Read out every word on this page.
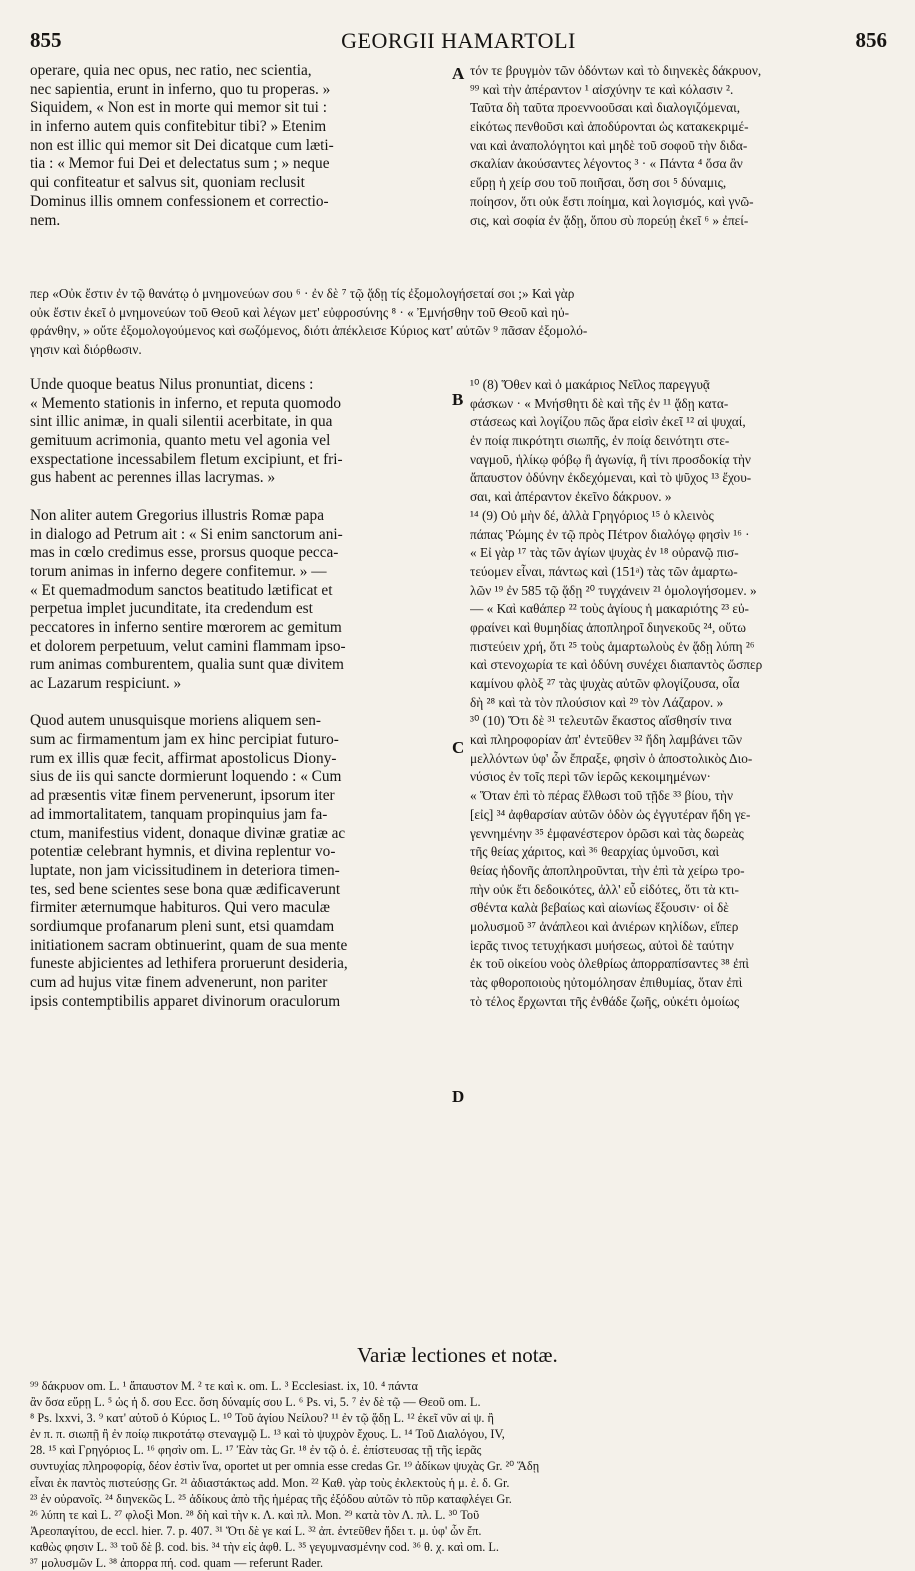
855	GEORGII HAMARTOLI	856
operare, quia nec opus, nec ratio, nec scientia,
nec sapientia, erunt in inferno, quo tu properas. »
Siquidem, « Non est in morte qui memor sit tui :
in inferno autem quis confitebitur tibi? » Etenim
non est illic qui memor sit Dei dicatque cum læti-
tia : « Memor fui Dei et delectatus sum ; » neque
qui confiteatur et salvus sit, quoniam reclusit
Dominus illis omnem confessionem et correctio-
nem.
τόν τε βρυγμὸν τῶν ὀδόντων καὶ τὸ διηνεκὲς δάκρυον,
⁹⁹ καὶ τὴν ἀπέραντον ¹ αἰσχύνην τε καὶ κόλασιν ².
Ταῦτα δὴ ταῦτα προεννοοῦσαι καὶ διαλογιζόμεναι,
εἰκότως πενθοῦσι καὶ ἀποδύρονται ὡς κατακεκριμέ-
ναι καὶ ἀναπολόγητοι καὶ μηδὲ τοῦ σοφοῦ τὴν διδα-
σκαλίαν ἀκούσαντες λέγοντος ³ · « Πάντα ⁴ ὅσα ἂν
εὕρῃ ἡ χείρ σου τοῦ ποιῆσαι, ὅση σοι ⁵ δύναμις,
ποίησον, ὅτι οὐκ ἔστι ποίημα, καὶ λογισμός, καὶ γνῶ-
σις, καὶ σοφία ἐν ᾅδῃ, ὅπου σὺ πορεύῃ ἐκεῖ ⁶ » ἐπεί-
περ «Οὐκ ἔστιν ἐν τῷ θανάτῳ ὁ μνημονεύων σου ⁶ · ἐν δὲ ⁷ τῷ ᾅδῃ τίς ἐξομολογήσεταί σοι ;» Καὶ γὰρ
οὐκ ἔστιν ἐκεῖ ὁ μνημονεύων τοῦ Θεοῦ καὶ λέγων μετ' εὐφροσύνης ⁸ · « Ἐμνήσθην τοῦ Θεοῦ καὶ ηὐ-
φράνθην, » οὔτε ἐξομολογούμενος καὶ σωζόμενος, διότι ἀπέκλεισε Κύριος κατ' αὐτῶν ⁹ πᾶσαν ἐξομολό-
γησιν καὶ διόρθωσιν.
Unde quoque beatus Nilus pronuntiat, dicens :
« Memento stationis in inferno, et reputa quomodo
sint illic animæ, in quali silentii acerbitate, in qua
gemituum acrimonia, quanto metu vel agonia vel
exspectatione incessabilem fletum excipiunt, et fri-
gus habent ac perennes illas lacrymas. »
Non aliter autem Gregorius illustris Romæ papa
in dialogo ad Petrum ait : « Si enim sanctorum ani-
mas in cœlo credimus esse, prorsus quoque pecca-
torum animas in inferno degere confitemur. » —
« Et quemadmodum sanctos beatitudo lætificat et
perpetua implet jucunditate, ita credendum est
peccatores in inferno sentire mœrorem ac gemitum
et dolorem perpetuum, velut camini flammam ipso-
rum animas comburentem, qualia sunt quæ divitem
ac Lazarum respiciunt. »
Quod autem unusquisque moriens aliquem sen-
sum ac firmamentum jam ex hinc percipiat futuro-
rum ex illis quæ fecit, affirmat apostolicus Diony-
sius de iis qui sancte dormierunt loquendo : « Cum
ad præsentis vitæ finem pervenerunt, ipsorum iter
ad immortalitatem, tanquam propinquius jam fa-
ctum, manifestius vident, donaque divinæ gratiæ ac
potentiæ celebrant hymnis, et divina replentur vo-
luptate, non jam vicissitudinem in deteriora timen-
tes, sed bene scientes sese bona quæ ædificaverunt
firmiter æternumque habituros. Qui vero maculæ
sordiumque profanarum pleni sunt, etsi quamdam
initiationem sacram obtinuerint, quam de sua mente
funeste abjicientes ad lethifera proruerunt desideria,
cum ad hujus vitæ finem advenerunt, non pariter
ipsis contemptibilis apparet divinorum oraculorum
¹⁰ (8) Ὅθεν καὶ ὁ μακάριος Νεῖλος παρεγγυᾷ
φάσκων · « Μνήσθητι δὲ καὶ τῆς ἐν ¹¹ ᾅδῃ κατα-
στάσεως καὶ λογίζου πῶς ἄρα εἰσὶν ἐκεῖ ¹² αἱ ψυχαί,
ἐν ποίᾳ πικρότητι σιωπῆς, ἐν ποίᾳ δεινότητι στε-
ναγμοῦ, ἡλίκῳ φόβῳ ἢ ἀγωνίᾳ, ἢ τίνι προσδοκίᾳ τὴν
ἄπαυστον ὀδύνην ἐκδεχόμεναι, καὶ τὸ ψῦχος ¹³ ἔχου-
σαι, καὶ ἀπέραντον ἐκεῖνο δάκρυον. »
¹⁴ (9) Οὐ μὴν δέ, ἀλλὰ Γρηγόριος ¹⁵ ὁ κλεινὸς
πάπας Ῥώμης ἐν τῷ πρὸς Πέτρον διαλόγῳ φησὶν ¹⁶ ·
« Εἰ γὰρ ¹⁷ τὰς τῶν ἁγίων ψυχὰς ἐν ¹⁸ οὐρανῷ πισ-
τεύομεν εἶναι, πάντως καὶ (151ᵃ) τὰς τῶν ἁμαρτω-
λῶν ¹⁹ ἐν 585 τῷ ᾅδῃ ²⁰ τυγχάνειν ²¹ ὁμολογήσομεν. »
— « Καὶ καθάπερ ²² τοὺς ἁγίους ἡ μακαριότης ²³ εὐ-
φραίνει καὶ θυμηδίας ἀποπληροῖ διηνεκοῦς ²⁴, οὕτω
πιστεύειν χρή, ὅτι ²⁵ τοὺς ἁμαρτωλοὺς ἐν ᾅδῃ λύπη ²⁶
καὶ στενοχωρία τε καὶ ὀδύνη συνέχει διαπαντὸς ὥσπερ
καμίνου φλὸξ ²⁷ τὰς ψυχὰς αὐτῶν φλογίζουσα, οἷα
δὴ ²⁸ καὶ τὰ τὸν πλούσιον καὶ ²⁹ τὸν Λάζαρον. »
³⁰ (10) Ὅτι δὲ ³¹ τελευτῶν ἕκαστος αἴσθησίν τινα
καὶ πληροφορίαν ἀπ' ἐντεῦθεν ³² ἤδη λαμβάνει τῶν
μελλόντων ὑφ' ὧν ἔπραξε, φησὶν ὁ ἀποστολικὸς Διο-
νύσιος ἐν τοῖς περὶ τῶν ἱερῶς κεκοιμημένων·
« Ὅταν ἐπὶ τὸ πέρας ἔλθωσι τοῦ τῇδε ³³ βίου, τὴν
[εἰς] ³⁴ ἀφθαρσίαν αὐτῶν ὁδὸν ὡς ἐγγυτέραν ἤδη γε-
γεννημένην ³⁵ ἐμφανέστερον ὁρῶσι καὶ τὰς δωρεὰς
τῆς θείας χάριτος, καὶ ³⁶ θεαρχίας ὑμνοῦσι, καὶ
θείας ἡδονῆς ἀποπληροῦνται, τὴν ἐπὶ τὰ χείρω τρο-
πὴν οὐκ ἔτι δεδοικότες, ἀλλ' εὖ εἰδότες, ὅτι τὰ κτι-
σθέντα καλὰ βεβαίως καὶ αἰωνίως ἕξουσιν· οἱ δὲ
μολυσμοῦ ³⁷ ἀνάπλεοι καὶ ἀνιέρων κηλίδων, εἴπερ
ἱερᾶς τινος τετυχήκασι μυήσεως, αὐτοὶ δὲ ταύτην
ἐκ τοῦ οἰκείου νοὸς ὀλεθρίως ἀπορραπίσαντες ³⁸ ἐπὶ
τὰς φθοροποιοὺς ηὐτομόλησαν ἐπιθυμίας, ὅταν ἐπὶ
τὸ τέλος ἔρχωνται τῆς ἐνθάδε ζωῆς, οὐκέτι ὁμοίως
A
B
C
D
Variæ lectiones et notæ.
⁹⁹ δάκρυον om. L. ¹ ἄπαυστον M. ² τε καὶ κ. om. L. ³ Ecclesiast. ix, 10. ⁴ πάντα
ἂν ὅσα εὕρῃ L. ⁵ ὡς ἡ δ. σου Ecc. ὅση δύναμίς σου L. ⁶ Ps. vi, 5. ⁷ ἐν δὲ τῷ — Θεοῦ om. L.
⁸ Ps. lxxvi, 3. ⁹ κατ' αὐτοῦ ὁ Κύριος L. ¹⁰ Τοῦ ἁγίου Νείλου? ¹¹ ἐν τῷ ᾅδῃ L. ¹² ἐκεῖ νῦν αἱ ψ. ἢ
ἐν π. π. σιωπῇ ἢ ἐν ποίῳ πικροτάτῳ στεναγμῷ L. ¹³ καὶ τὸ ψυχρὸν ἔχους. L. ¹⁴ Τοῦ Διαλόγου, IV,
28. ¹⁵ καὶ Γρηγόριος L. ¹⁶ φησὶν om. L. ¹⁷ Ἐὰν τὰς Gr. ¹⁸ ἐν τῷ ὁ. ἐ. ἐπίστευσας τῇ τῆς ἱερᾶς
συντυχίας πληροφορίᾳ, δέον ἐστὶν ἵνα, oportet ut per omnia esse credas Gr. ¹⁹ ἀδίκων ψυχὰς Gr. ²⁰ Ἅδῃ
εἶναι ἐκ παντὸς πιστεύσῃς Gr. ²¹ ἀδιαστάκτως add. Mon. ²² Καθ. γὰρ τοὺς ἐκλεκτοὺς ἡ μ. ἐ. δ. Gr.
²³ ἐν οὐρανοῖς. ²⁴ διηνεκῶς L. ²⁵ ἀδίκους ἀπὸ τῆς ἡμέρας τῆς ἐξόδου αὐτῶν τὸ πῦρ καταφλέγει Gr.
²⁶ λύπη τε καὶ L. ²⁷ φλοξὶ Mon. ²⁸ δὴ καὶ τὴν κ. Λ. καὶ πλ. Mon. ²⁹ κατὰ τὸν Λ. πλ. L. ³⁰ Τοῦ
Ἀρεοπαγίτου, de eccl. hier. 7. p. 407. ³¹ Ὅτι δὲ γε καί L. ³² ἀπ. ἐντεῦθεν ἤδει τ. μ. ὑφ' ὧν ἔπ.
καθὼς φησιν L. ³³ τοῦ δὲ β. cod. bis. ³⁴ τὴν εἰς ἀφθ. L. ³⁵ γεγυμνασμένην cod. ³⁶ θ. χ. καὶ om. L.
³⁷ μολυσμῶν L. ³⁸ ἀπορρα πή. cod. quam — referunt Rader.
